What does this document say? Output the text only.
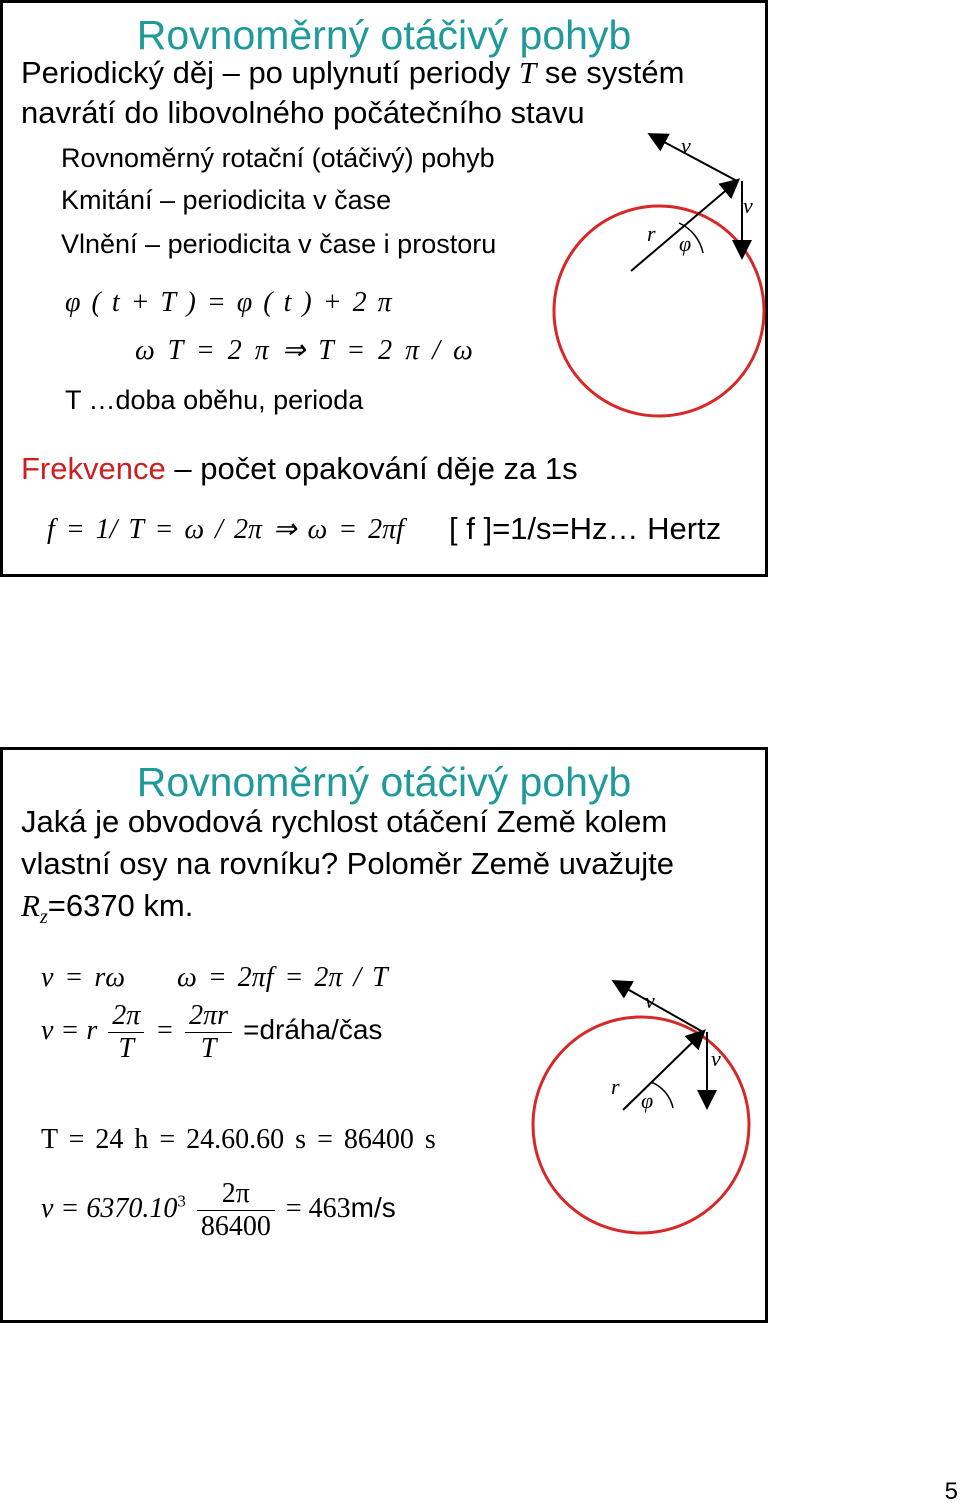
Rovnoměrný otáčivý pohyb
Periodický děj – po uplynutí periody T se systém
navrátí do libovolného počátečního stavu
Rovnoměrný rotační (otáčivý) pohyb
Kmitání – periodicita v čase
Vlnění – periodicita v čase i prostoru
φ ( t + T ) = φ ( t ) + 2 π
ω T = 2 π ⇒ T = 2 π / ω
T …doba oběhu, perioda
Frekvence – počet opakování děje za 1s
f = 1/ T = ω / 2π ⇒ ω = 2πf [ f ]=1/s=Hz… Hertz
v
v
r φ
Rovnoměrný otáčivý pohyb
Jaká je obvodová rychlost otáčení Země kolem
vlastní osy na rovníku? Poloměr Země uvažujte
$R_z=6370$ km.
v = rω ω = 2πf = 2π / T
v = r $\frac{2\pi}{T} = \frac{2\pi r}{T}$ =dráha/čas
T = 24 h = 24.60.60 s = 86400 s
$v = 6370.10^3 \frac{2\pi}{86400} = 463m/s$
v
v
r
φ
5
